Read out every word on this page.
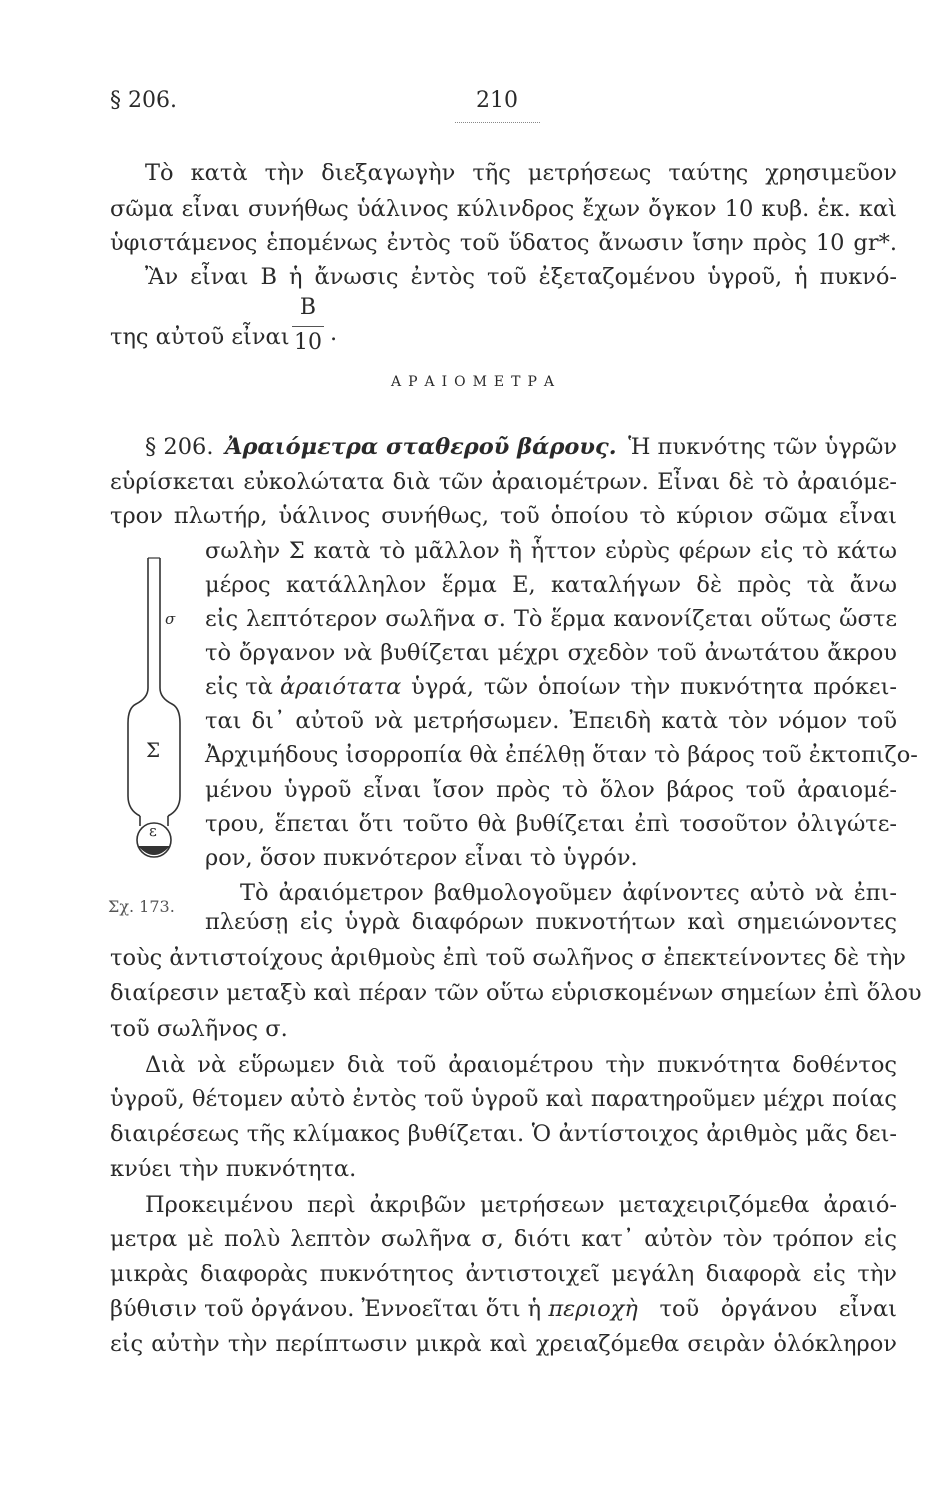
§ 206.	210
Τὸ κατὰ τὴν διεξαγωγὴν τῆς μετρήσεως ταύτης χρησιμεῦον
σῶμα εἶναι συνήθως ὑάλινος κύλινδρος ἔχων ὄγκον 10 κυβ. ἑκ. καὶ
ὑφιστάμενος ἑπομένως ἐντὸς τοῦ ὕδατος ἄνωσιν ἴσην πρὸς 10 gr*.
Ἂν εἶναι Β ἡ ἄνωσις ἐντὸς τοῦ ἐξεταζομένου ὑγροῦ, ἡ πυκνό-
της αὐτοῦ εἶναι
B
10 .
ΑΡΑΙΟΜΕΤΡΑ
§ 206. Ἀραιόμετρα σταθεροῦ βάρους. Ἡ πυκνότης τῶν ὑγρῶν
εὑρίσκεται εὐκολώτατα διὰ τῶν ἀραιομέτρων. Εἶναι δὲ τὸ ἀραιόμε-
τρον πλωτήρ, ὑάλινος συνήθως, τοῦ ὁποίου τὸ κύριον σῶμα εἶναι
σωλὴν Σ κατὰ τὸ μᾶλλον ἢ ἧττον εὐρὺς φέρων εἰς τὸ κάτω
μέρος κατάλληλον ἕρμα Ε, καταλήγων δὲ πρὸς τὰ ἄνω
εἰς λεπτότερον σωλῆνα σ. Τὸ ἕρμα κανονίζεται οὕτως ὥστε
τὸ ὄργανον νὰ βυθίζεται μέχρι σχεδὸν τοῦ ἀνωτάτου ἄκρου
εἰς τὰ ἀραιότατα ὑγρά, τῶν ὁποίων τὴν πυκνότητα πρόκει-
ται δι᾿ αὐτοῦ νὰ μετρήσωμεν. Ἐπειδὴ κατὰ τὸν νόμον τοῦ
Ἀρχιμήδους ἰσορροπία θὰ ἐπέλθῃ ὅταν τὸ βάρος τοῦ ἐκτοπιζο-
μένου ὑγροῦ εἶναι ἴσον πρὸς τὸ ὅλον βάρος τοῦ ἀραιομέ-
τρου, ἕπεται ὅτι τοῦτο θὰ βυθίζεται ἐπὶ τοσοῦτον ὀλιγώτε-
ρον, ὅσον πυκνότερον εἶναι τὸ ὑγρόν.
σ
Σ
ε
Τὸ ἀραιόμετρον βαθμολογοῦμεν ἀφίνοντες αὐτὸ νὰ ἐπι-
Σχ. 173.
πλεύσῃ εἰς ὑγρὰ διαφόρων πυκνοτήτων καὶ σημειώνοντες
τοὺς ἀντιστοίχους ἀριθμοὺς ἐπὶ τοῦ σωλῆνος σ ἐπεκτείνοντες δὲ τὴν
διαίρεσιν μεταξὺ καὶ πέραν τῶν οὕτω εὑρισκομένων σημείων ἐπὶ ὅλου
τοῦ σωλῆνος σ.
Διὰ νὰ εὕρωμεν διὰ τοῦ ἀραιομέτρου τὴν πυκνότητα δοθέντος
ὑγροῦ, θέτομεν αὐτὸ ἐντὸς τοῦ ὑγροῦ καὶ παρατηροῦμεν μέχρι ποίας
διαιρέσεως τῆς κλίμακος βυθίζεται. Ὁ ἀντίστοιχος ἀριθμὸς μᾶς δει-
κνύει τὴν πυκνότητα.
Προκειμένου περὶ ἀκριβῶν μετρήσεων μεταχειριζόμεθα ἀραιό-
μετρα μὲ πολὺ λεπτὸν σωλῆνα σ, διότι κατ᾿ αὐτὸν τὸν τρόπον εἰς
μικρὰς διαφορὰς πυκνότητος ἀντιστοιχεῖ μεγάλη διαφορὰ εἰς τὴν
βύθισιν τοῦ ὀργάνου. Ἐννοεῖται ὅτι ἡ περιοχὴ τοῦ ὀργάνου εἶναι
εἰς αὐτὴν τὴν περίπτωσιν μικρὰ καὶ χρειαζόμεθα σειρὰν ὁλόκληρον
